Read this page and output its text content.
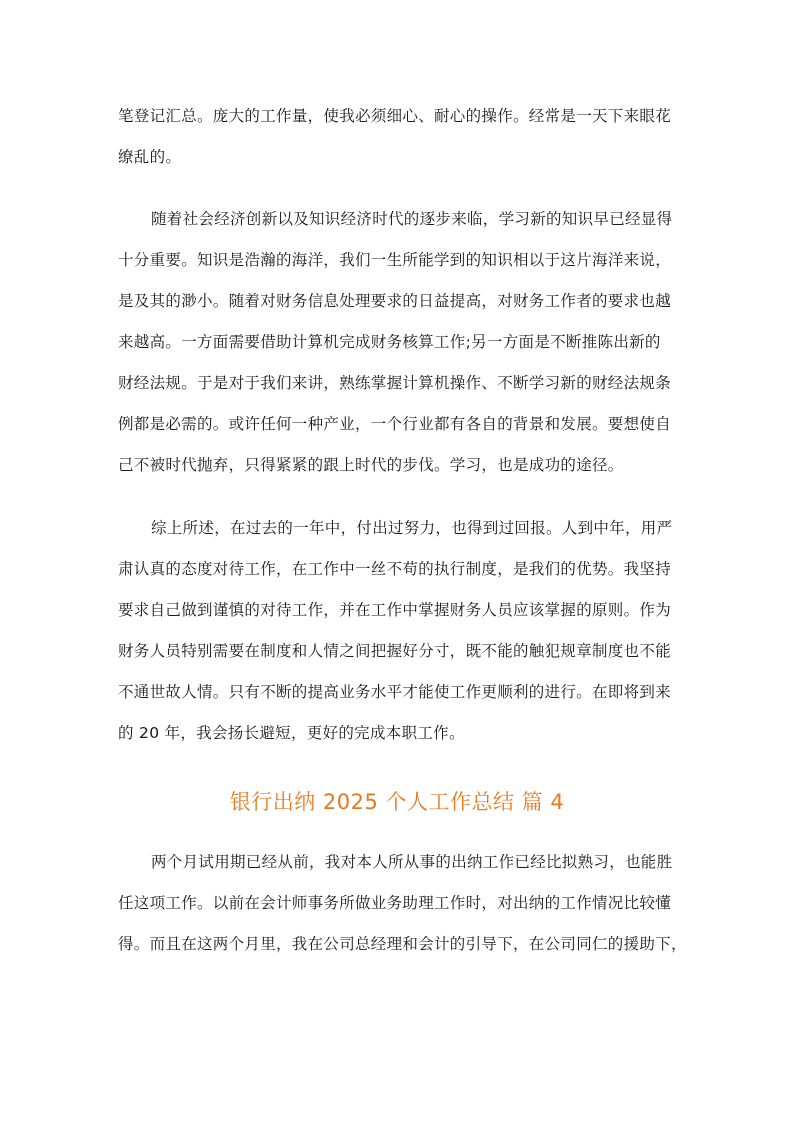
笔登记汇总。庞大的工作量，使我必须细心、耐心的操作。经常是一天下来眼花
缭乱的。
随着社会经济创新以及知识经济时代的逐步来临，学习新的知识早已经显得
十分重要。知识是浩瀚的海洋，我们一生所能学到的知识相以于这片海洋来说，
是及其的渺小。随着对财务信息处理要求的日益提高，对财务工作者的要求也越
来越高。一方面需要借助计算机完成财务核算工作;另一方面是不断推陈出新的
财经法规。于是对于我们来讲，熟练掌握计算机操作、不断学习新的财经法规条
例都是必需的。或许任何一种产业，一个行业都有各自的背景和发展。要想使自
己不被时代抛弃，只得紧紧的跟上时代的步伐。学习，也是成功的途径。
综上所述，在过去的一年中，付出过努力，也得到过回报。人到中年，用严
肃认真的态度对待工作，在工作中一丝不苟的执行制度，是我们的优势。我坚持
要求自己做到谨慎的对待工作，并在工作中掌握财务人员应该掌握的原则。作为
财务人员特别需要在制度和人情之间把握好分寸，既不能的触犯规章制度也不能
不通世故人情。只有不断的提高业务水平才能使工作更顺利的进行。在即将到来
的 20 年，我会扬长避短，更好的完成本职工作。
银行出纳 2025 个人工作总结 篇 4
两个月试用期已经从前，我对本人所从事的出纳工作已经比拟熟习，也能胜
任这项工作。以前在会计师事务所做业务助理工作时，对出纳的工作情况比较懂
得。而且在这两个月里，我在公司总经理和会计的引导下，在公司同仁的援助下，
